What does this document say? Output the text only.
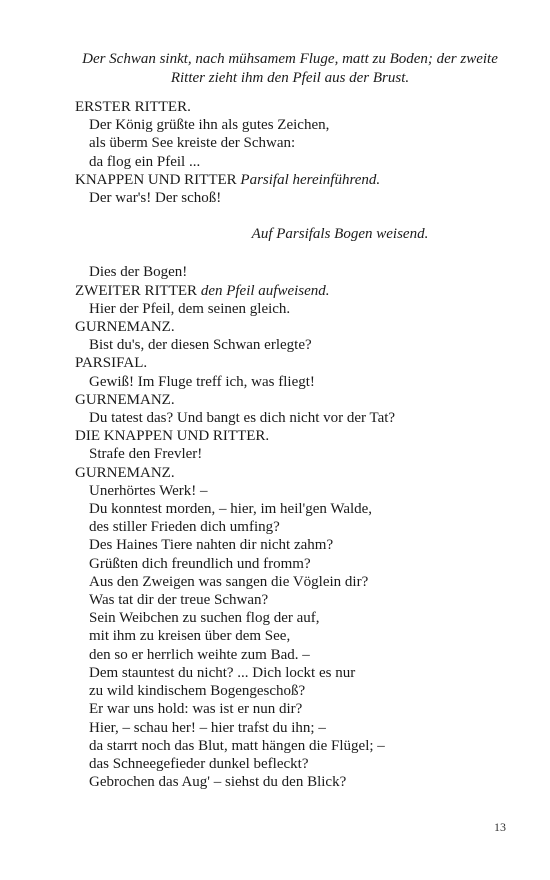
Der Schwan sinkt, nach mühsamem Fluge, matt zu Boden; der zweite
Ritter zieht ihm den Pfeil aus der Brust.

ERSTER RITTER.
Der König grüßte ihn als gutes Zeichen,
als überm See kreiste der Schwan:
da flog ein Pfeil ...
KNAPPEN UND RITTER Parsifal hereinführend.
Der war's! Der schoß!
Auf Parsifals Bogen weisend.
Dies der Bogen!
ZWEITER RITTER den Pfeil aufweisend.
Hier der Pfeil, dem seinen gleich.
GURNEMANZ.
Bist du's, der diesen Schwan erlegte?
PARSIFAL.
Gewiß! Im Fluge treff ich, was fliegt!
GURNEMANZ.
Du tatest das? Und bangt es dich nicht vor der Tat?
DIE KNAPPEN UND RITTER.
Strafe den Frevler!
GURNEMANZ.
Unerhörtes Werk! –
Du konntest morden, – hier, im heil'gen Walde,
des stiller Frieden dich umfing?
Des Haines Tiere nahten dir nicht zahm?
Grüßten dich freundlich und fromm?
Aus den Zweigen was sangen die Vöglein dir?
Was tat dir der treue Schwan?
Sein Weibchen zu suchen flog der auf,
mit ihm zu kreisen über dem See,
den so er herrlich weihte zum Bad. –
Dem stauntest du nicht? ... Dich lockt es nur
zu wild kindischem Bogengeschoß?
Er war uns hold: was ist er nun dir?
Hier, – schau her! – hier trafst du ihn; –
da starrt noch das Blut, matt hängen die Flügel; –
das Schneegefieder dunkel befleckt?
Gebrochen das Aug' – siehst du den Blick?
13
